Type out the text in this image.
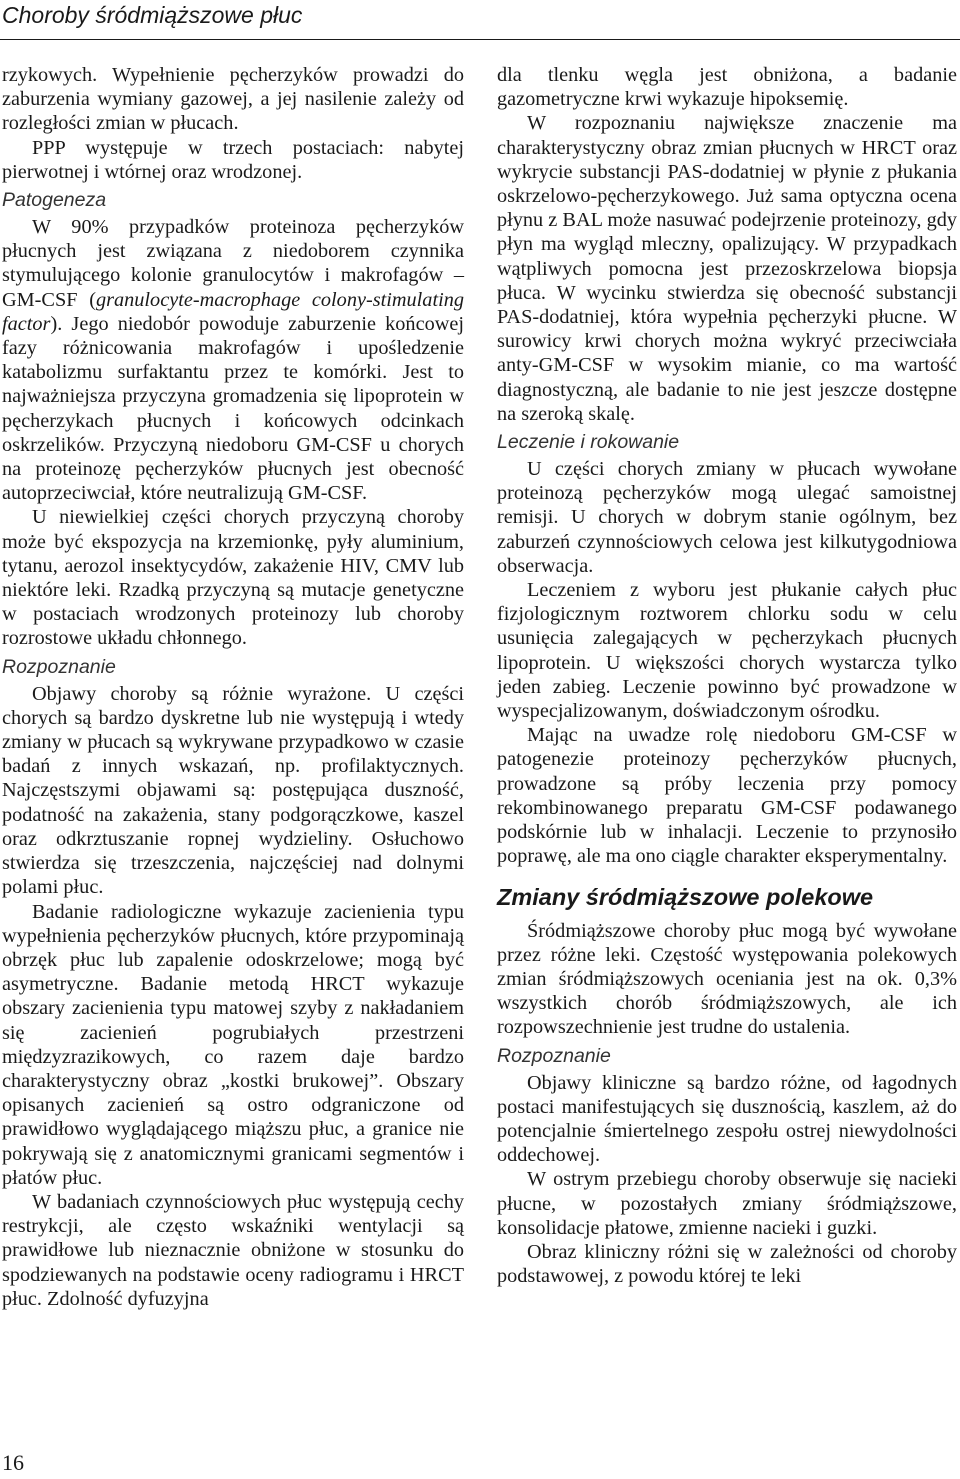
Choroby śródmiąższowe płuc

rzykowych. Wypełnienie pęcherzyków prowadzi do zaburzenia wymiany gazowej, a jej nasilenie zależy od rozległości zmian w płucach.

PPP występuje w trzech postaciach: nabytej pierwotnej i wtórnej oraz wrodzonej.

Patogeneza

W 90% przypadków proteinoza pęcherzyków płucnych jest związana z niedoborem czynnika stymulującego kolonie granulocytów i makrofagów – GM-CSF (granulocyte-macrophage colony-stimulating factor). Jego niedobór powoduje zaburzenie końcowej fazy różnicowania makrofagów i upośledzenie katabolizmu surfaktantu przez te komórki. Jest to najważniejsza przyczyna gromadzenia się lipoprotein w pęcherzykach płucnych i końcowych odcinkach oskrzelików. Przyczyną niedoboru GM-CSF u chorych na proteinozę pęcherzyków płucnych jest obecność autoprzeciwciał, które neutralizują GM-CSF.

U niewielkiej części chorych przyczyną choroby może być ekspozycja na krzemionkę, pyły aluminium, tytanu, aerozol insektycydów, zakażenie HIV, CMV lub niektóre leki. Rzadką przyczyną są mutacje genetyczne w postaciach wrodzonych proteinozy lub choroby rozrostowe układu chłonnego.

Rozpoznanie

Objawy choroby są różnie wyrażone. U części chorych są bardzo dyskretne lub nie występują i wtedy zmiany w płucach są wykrywane przypadkowo w czasie badań z innych wskazań, np. profilaktycznych. Najczęstszymi objawami są: postępująca duszność, podatność na zakażenia, stany podgorączkowe, kaszel oraz odkrztuszanie ropnej wydzieliny. Osłuchowo stwierdza się trzeszczenia, najczęściej nad dolnymi polami płuc.

Badanie radiologiczne wykazuje zacienienia typu wypełnienia pęcherzyków płucnych, które przypominają obrzęk płuc lub zapalenie odoskrzelowe; mogą być asymetryczne. Badanie metodą HRCT wykazuje obszary zacienienia typu matowej szyby z nakładaniem się zacienień pogrubiałych przestrzeni międzyzrazikowych, co razem daje bardzo charakterystyczny obraz „kostki brukowej”. Obszary opisanych zacienień są ostro odgraniczone od prawidłowo wyglądającego miąższu płuc, a granice nie pokrywają się z anatomicznymi granicami segmentów i płatów płuc.

W badaniach czynnościowych płuc występują cechy restrykcji, ale często wskaźniki wentylacji są prawidłowe lub nieznacznie obniżone w stosunku do spodziewanych na podstawie oceny radiogramu i HRCT płuc. Zdolność dyfuzyjna

dla tlenku węgla jest obniżona, a badanie gazometryczne krwi wykazuje hipoksemię.

W rozpoznaniu największe znaczenie ma charakterystyczny obraz zmian płucnych w HRCT oraz wykrycie substancji PAS-dodatniej w płynie z płukania oskrzelowo-pęcherzykowego. Już sama optyczna ocena płynu z BAL może nasuwać podejrzenie proteinozy, gdy płyn ma wygląd mleczny, opalizujący. W przypadkach wątpliwych pomocna jest przezoskrzelowa biopsja płuca. W wycinku stwierdza się obecność substancji PAS-dodatniej, która wypełnia pęcherzyki płucne. W surowicy krwi chorych można wykryć przeciwciała anty-GM-CSF w wysokim mianie, co ma wartość diagnostyczną, ale badanie to nie jest jeszcze dostępne na szeroką skalę.

Leczenie i rokowanie

U części chorych zmiany w płucach wywołane proteinozą pęcherzyków mogą ulegać samoistnej remisji. U chorych w dobrym stanie ogólnym, bez zaburzeń czynnościowych celowa jest kilkutygodniowa obserwacja.

Leczeniem z wyboru jest płukanie całych płuc fizjologicznym roztworem chlorku sodu w celu usunięcia zalegających w pęcherzykach płucnych lipoprotein. U większości chorych wystarcza tylko jeden zabieg. Leczenie powinno być prowadzone w wyspecjalizowanym, doświadczonym ośrodku.

Mając na uwadze rolę niedoboru GM-CSF w patogenezie proteinozy pęcherzyków płucnych, prowadzone są próby leczenia przy pomocy rekombinowanego preparatu GM-CSF podawanego podskórnie lub w inhalacji. Leczenie to przynosiło poprawę, ale ma ono ciągle charakter eksperymentalny.

Zmiany śródmiąższowe polekowe

Śródmiąższowe choroby płuc mogą być wywołane przez różne leki. Częstość występowania polekowych zmian śródmiąższowych oceniania jest na ok. 0,3% wszystkich chorób śródmiąższowych, ale ich rozpowszechnienie jest trudne do ustalenia.

Rozpoznanie

Objawy kliniczne są bardzo różne, od łagodnych postaci manifestujących się dusznością, kaszlem, aż do potencjalnie śmiertelnego zespołu ostrej niewydolności oddechowej.

W ostrym przebiegu choroby obserwuje się nacieki płucne, w pozostałych zmiany śródmiąższowe, konsolidacje płatowe, zmienne nacieki i guzki.

Obraz kliniczny różni się w zależności od choroby podstawowej, z powodu której te leki

16
